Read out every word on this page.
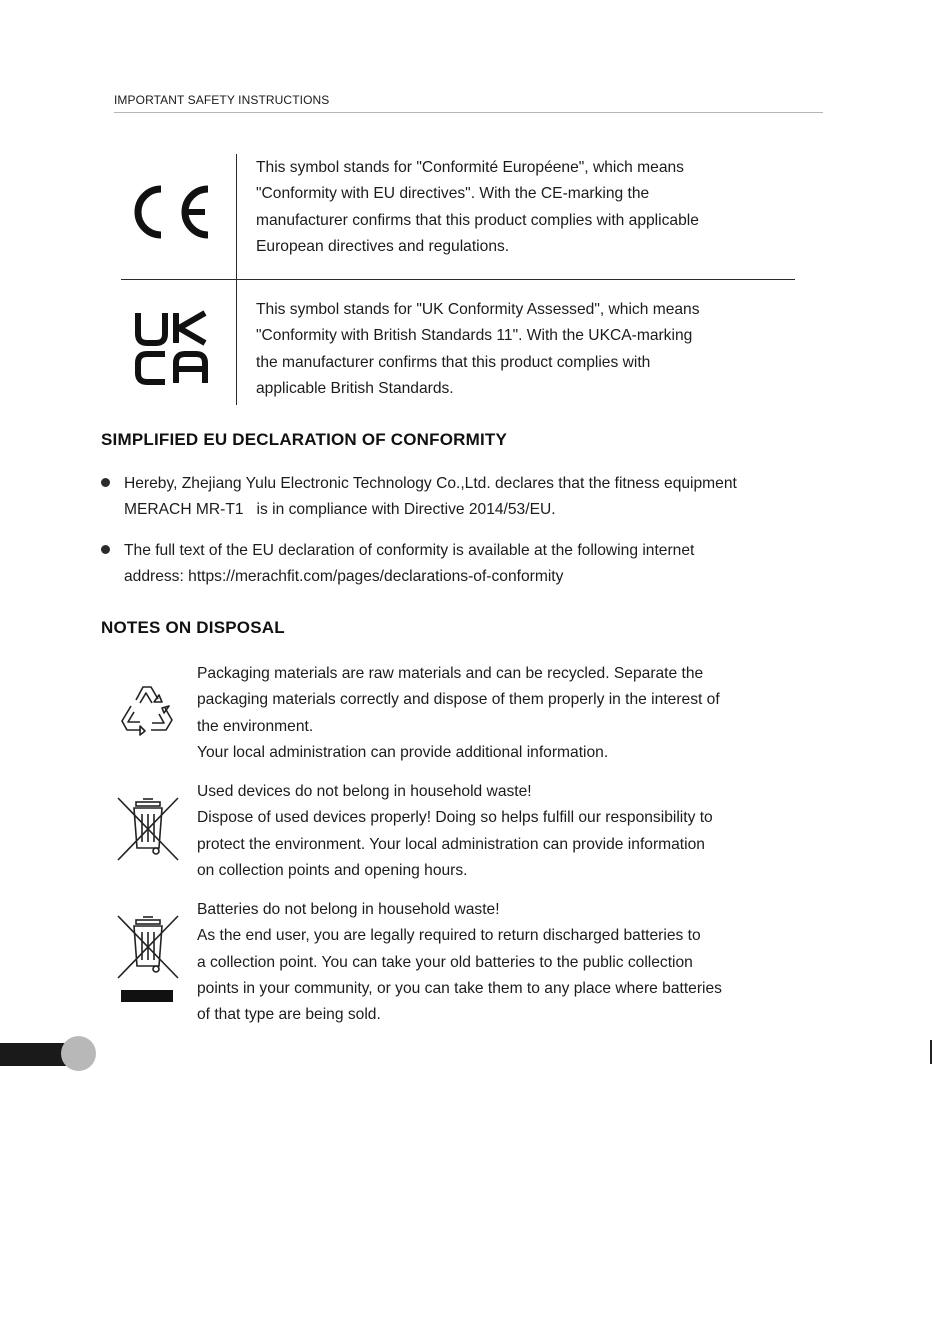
IMPORTANT SAFETY INSTRUCTIONS
This symbol stands for "Conformité Européene", which means
"Conformity with EU directives". With the CE-marking the
manufacturer confirms that this product complies with applicable
European directives and regulations.
This symbol stands for "UK Conformity Assessed", which means
"Conformity with British Standards 11". With the UKCA-marking
the manufacturer confirms that this product complies with
applicable British Standards.
SIMPLIFIED EU DECLARATION OF CONFORMITY
Hereby, Zhejiang Yulu Electronic Technology Co.,Ltd. declares that the fitness equipment
MERACH MR-T1   is in compliance with Directive 2014/53/EU.
The full text of the EU declaration of conformity is available at the following internet
address: https://merachfit.com/pages/declarations-of-conformity
NOTES ON DISPOSAL
Packaging materials are raw materials and can be recycled. Separate the
packaging materials correctly and dispose of them properly in the interest of
the environment.
Your local administration can provide additional information.
Used devices do not belong in household waste!
Dispose of used devices properly! Doing so helps fulfill our responsibility to
protect the environment. Your local administration can provide information
on collection points and opening hours.
Batteries do not belong in household waste!
As the end user, you are legally required to return discharged batteries to
a collection point. You can take your old batteries to the public collection
points in your community, or you can take them to any place where batteries
of that type are being sold.
